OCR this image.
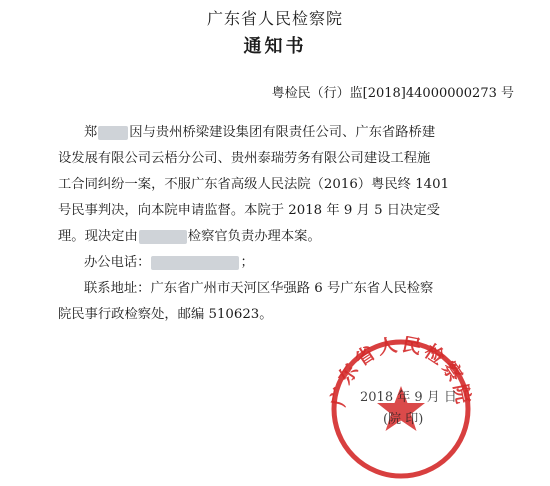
广东省人民检察院
通知书
粤检民（行）监[2018]44000000273 号

郑 因与贵州桥梁建设集团有限责任公司、广东省路桥建

设发展有限公司云梧分公司、贵州泰瑞劳务有限公司建设工程施

工合同纠纷一案，不服广东省高级人民法院（2016）粤民终 1401

号民事判决，向本院申请监督。本院于 2018 年 9 月 5 日决定受

理。现决定由	检察官负责办理本案。

办公电话：	；

联系地址：广东省广州市天河区华强路 6 号广东省人民检察

院民事行政检察处，邮编 510623。

广东省人民检察院
2018 年 9 月 日
(院 印)
